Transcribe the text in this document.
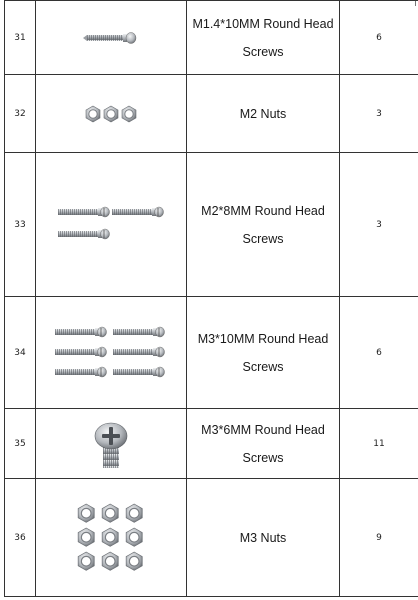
31		M1.4*10MM Round Head Screws	6
32		M2 Nuts	3
33		M2*8MM Round Head Screws	3
34		M3*10MM Round Head Screws	6
35		M3*6MM Round Head Screws	11
36		M3 Nuts	9
